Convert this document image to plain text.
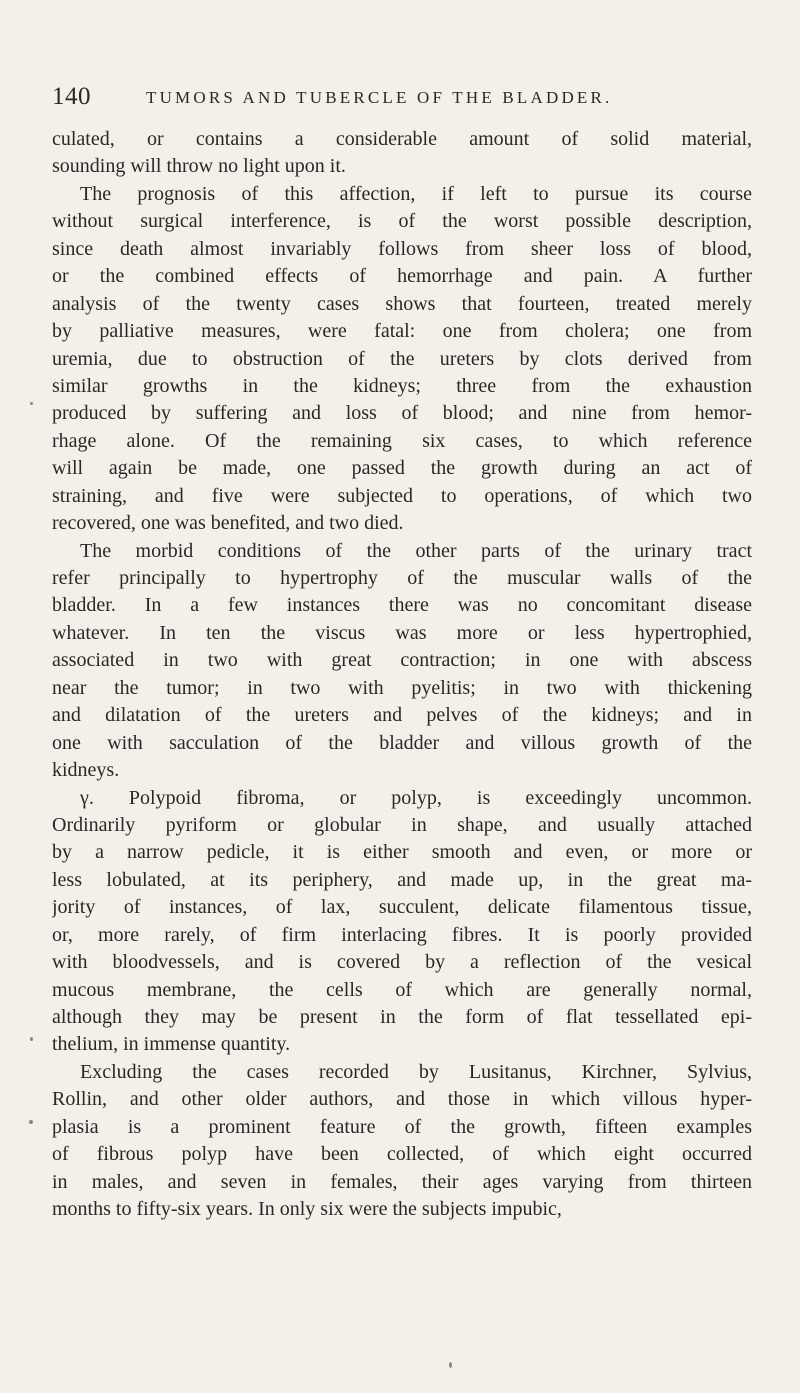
140	TUMORS AND TUBERCLE OF THE BLADDER.
culated, or contains a considerable amount of solid material,
sounding will throw no light upon it.
The prognosis of this affection, if left to pursue its course
without surgical interference, is of the worst possible description,
since death almost invariably follows from sheer loss of blood,
or the combined effects of hemorrhage and pain. A further
analysis of the twenty cases shows that fourteen, treated merely
by palliative measures, were fatal: one from cholera; one from
uremia, due to obstruction of the ureters by clots derived from
similar growths in the kidneys; three from the exhaustion
produced by suffering and loss of blood; and nine from hemor-
rhage alone. Of the remaining six cases, to which reference
will again be made, one passed the growth during an act of
straining, and five were subjected to operations, of which two
recovered, one was benefited, and two died.
The morbid conditions of the other parts of the urinary tract
refer principally to hypertrophy of the muscular walls of the
bladder. In a few instances there was no concomitant disease
whatever. In ten the viscus was more or less hypertrophied,
associated in two with great contraction; in one with abscess
near the tumor; in two with pyelitis; in two with thickening
and dilatation of the ureters and pelves of the kidneys; and in
one with sacculation of the bladder and villous growth of the
kidneys.
γ. Polypoid fibroma, or polyp, is exceedingly uncommon.
Ordinarily pyriform or globular in shape, and usually attached
by a narrow pedicle, it is either smooth and even, or more or
less lobulated, at its periphery, and made up, in the great ma-
jority of instances, of lax, succulent, delicate filamentous tissue,
or, more rarely, of firm interlacing fibres. It is poorly provided
with bloodvessels, and is covered by a reflection of the vesical
mucous membrane, the cells of which are generally normal,
although they may be present in the form of flat tessellated epi-
thelium, in immense quantity.
Excluding the cases recorded by Lusitanus, Kirchner, Sylvius,
Rollin, and other older authors, and those in which villous hyper-
plasia is a prominent feature of the growth, fifteen examples
of fibrous polyp have been collected, of which eight occurred
in males, and seven in females, their ages varying from thirteen
months to fifty-six years. In only six were the subjects impubic,
